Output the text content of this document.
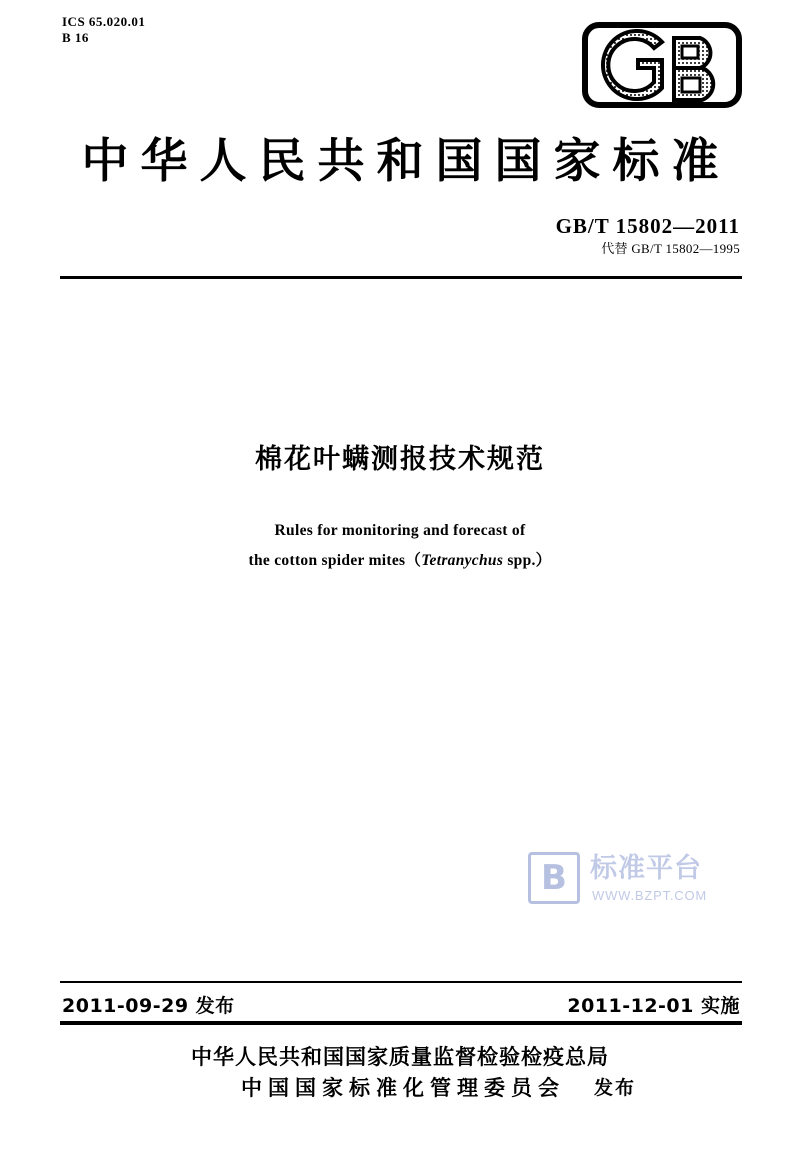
ICS 65.020.01
B 16
中华人民共和国国家标准
GB/T 15802—2011
代替 GB/T 15802—1995
棉花叶螨测报技术规范
Rules for monitoring and forecast of
the cotton spider mites（Tetranychus spp.）
B 标准平台
WWW.BZPT.COM
2011-09-29 发布	2011-12-01 实施
中华人民共和国国家质量监督检验检疫总局
中国国家标准化管理委员会	发布
